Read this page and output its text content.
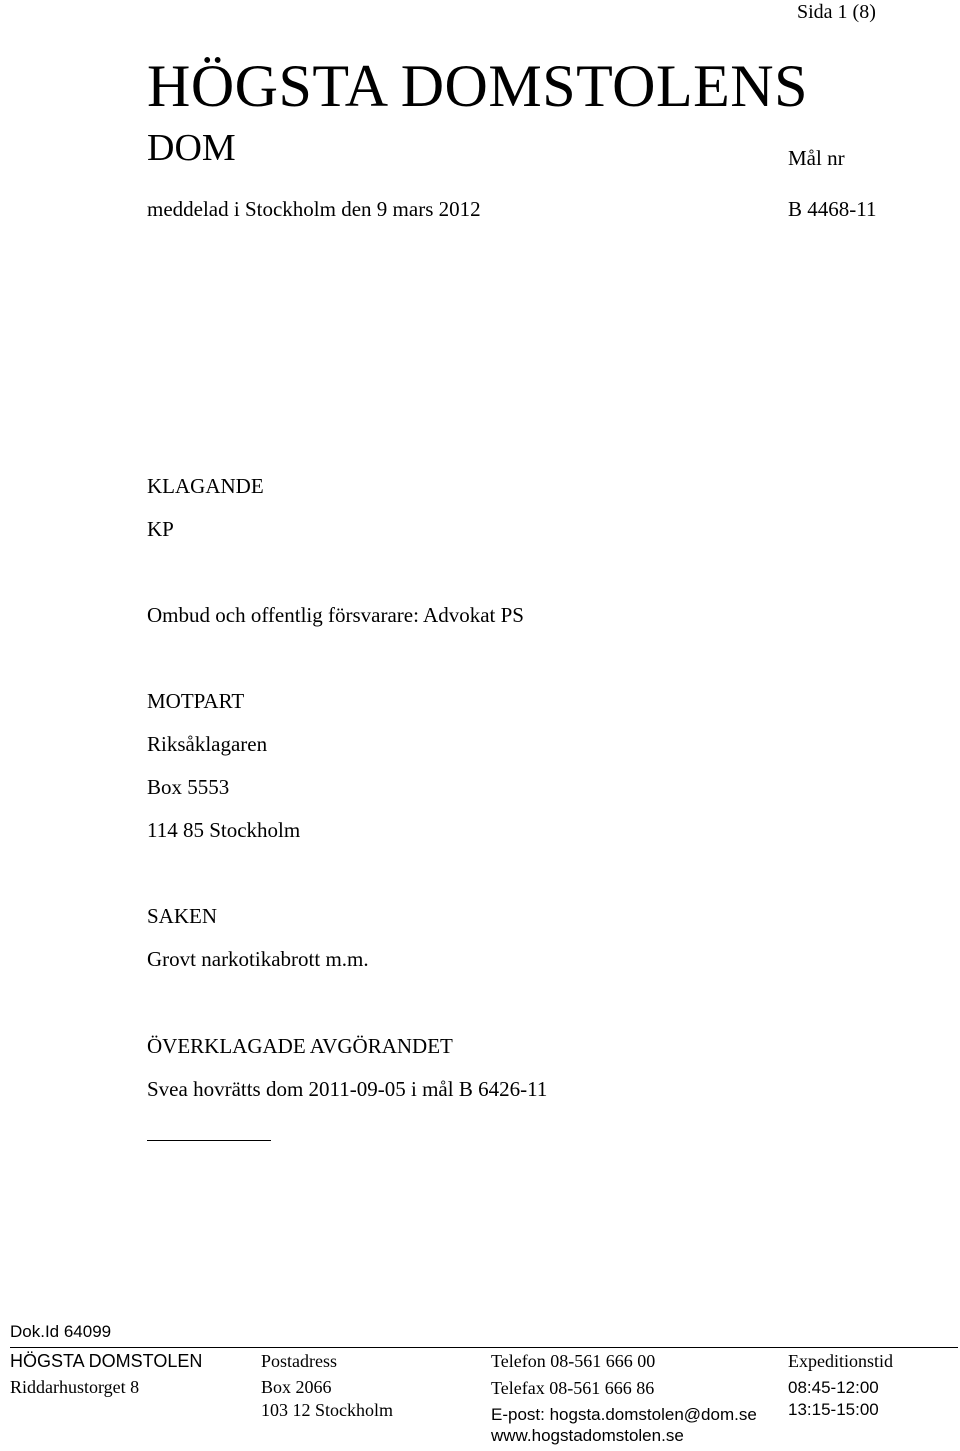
Sida 1 (8)
HÖGSTA DOMSTOLENS
DOM	Mål nr
meddelad i Stockholm den 9 mars 2012	B 4468-11
KLAGANDE
KP
Ombud och offentlig försvarare: Advokat PS
MOTPART
Riksåklagaren
Box 5553
114 85 Stockholm
SAKEN
Grovt narkotikabrott m.m.
ÖVERKLAGADE AVGÖRANDET
Svea hovrätts dom 2011-09-05 i mål B 6426-11
Dok.Id 64099
HÖGSTA DOMSTOLEN
Riddarhustorget 8
Postadress
Box 2066
103 12 Stockholm
Telefon 08-561 666 00
Telefax 08-561 666 86
E-post: hogsta.domstolen@dom.se
www.hogstadomstolen.se
Expeditionstid
08:45-12:00
13:15-15:00
